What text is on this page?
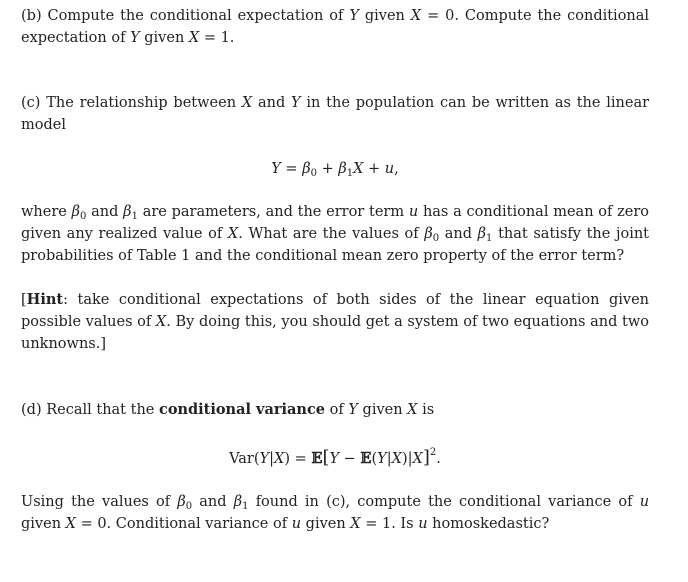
(b) Compute the conditional expectation of Y given X = 0. Compute the conditional expectation of Y given X = 1.

(c) The relationship between X and Y in the population can be written as the linear model

$Y = \beta_0 + \beta_1X + u$,

where $\beta_0$ and $\beta_1$ are parameters, and the error term u has a conditional mean of zero given any realized value of X. What are the values of $\beta_0$ and $\beta_1$ that satisfy the joint probabilities of Table 1 and the conditional mean zero property of the error term?

[Hint: take conditional expectations of both sides of the linear equation given possible values of X. By doing this, you should get a system of two equations and two unknowns.]

(d) Recall that the conditional variance of Y given X is

Var(Y|X) = 𝔼[Y − 𝔼(Y|X)|X]$^2$.

Using the values of $\beta_0$ and $\beta_1$ found in (c), compute the conditional variance of u given X = 0. Conditional variance of u given X = 1. Is u homoskedastic?
